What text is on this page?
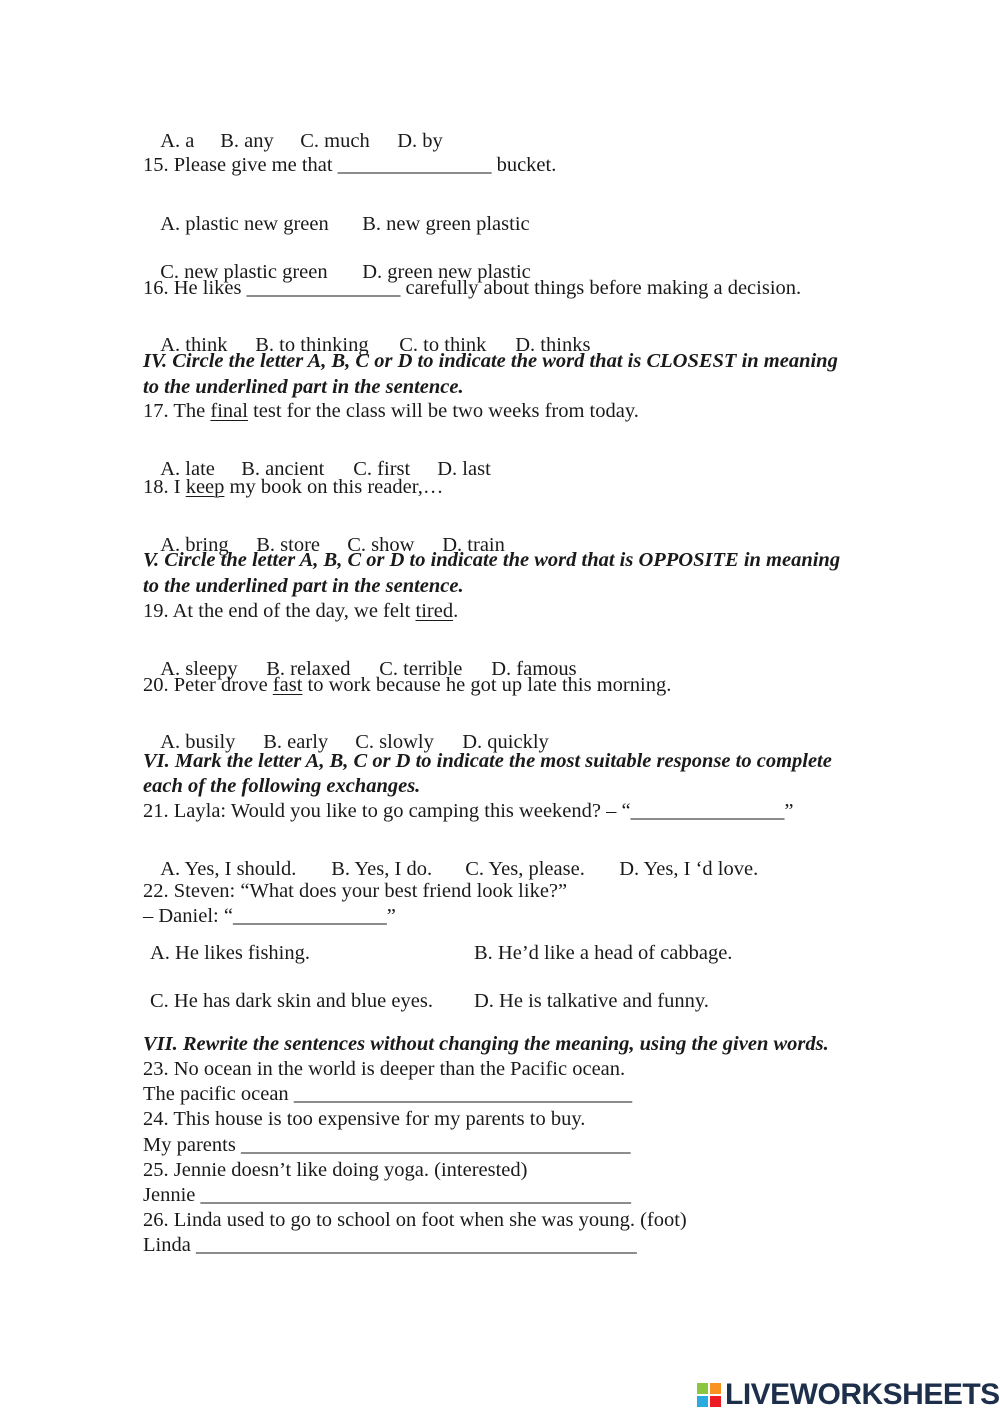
A. a B. any C. much D. by

15. Please give me that _______________ bucket.

A. plastic new green B. new green plastic

C. new plastic green D. green new plastic

16. He likes _______________ carefully about things before making a decision.

A. think B. to thinking C. to think D. thinks

IV. Circle the letter A, B, C or D to indicate the word that is CLOSEST in meaning
to the underlined part in the sentence.
17. The final test for the class will be two weeks from today.

A. late B. ancient C. first D. last

18. I keep my book on this reader,…

A. bring B. store C. show D. train

V. Circle the letter A, B, C or D to indicate the word that is OPPOSITE in meaning
to the underlined part in the sentence.
19. At the end of the day, we felt tired.

A. sleepy B. relaxed C. terrible D. famous

20. Peter drove fast to work because he got up late this morning.

A. busily B. early C. slowly D. quickly

VI. Mark the letter A, B, C or D to indicate the most suitable response to complete
each of the following exchanges.
21. Layla: Would you like to go camping this weekend? – “_______________”

A. Yes, I should. B. Yes, I do. C. Yes, please. D. Yes, I ‘d love.

22. Steven: “What does your best friend look like?”
– Daniel: “_______________”
A. He likes fishing.	B. He’d like a head of cabbage.
C. He has dark skin and blue eyes. D. He is talkative and funny.
VII. Rewrite the sentences without changing the meaning, using the given words.
23. No ocean in the world is deeper than the Pacific ocean.
The pacific ocean _________________________________
24. This house is too expensive for my parents to buy.
My parents ______________________________________
25. Jennie doesn’t like doing yoga. (interested)
Jennie __________________________________________
26. Linda used to go to school on foot when she was young. (foot)
Linda ___________________________________________
LIVEWORKSHEETS
